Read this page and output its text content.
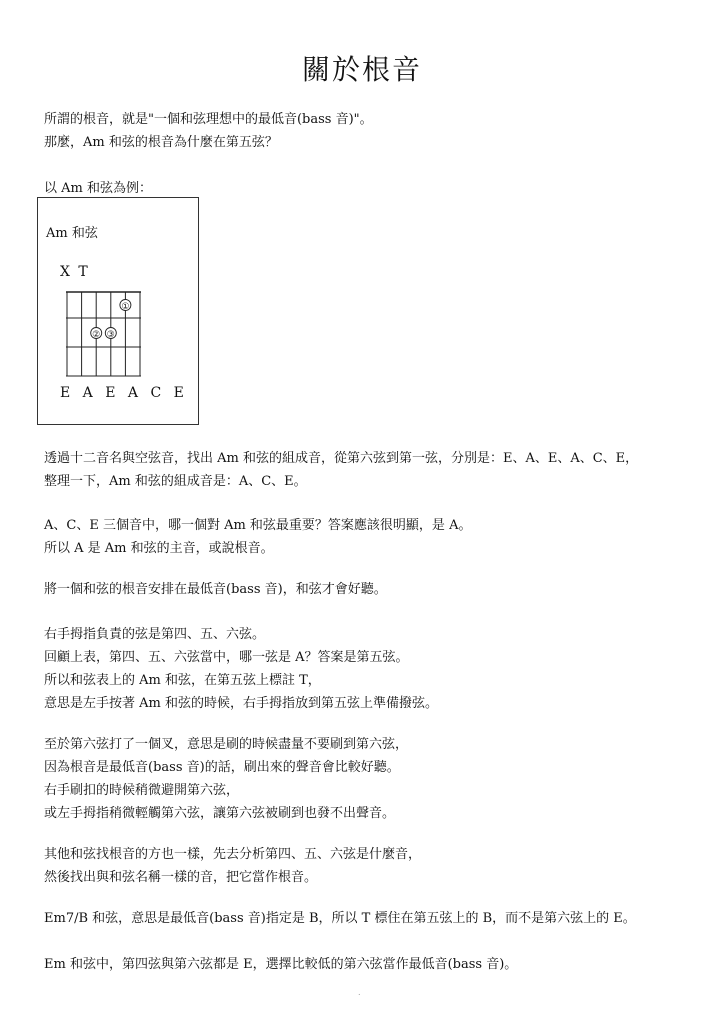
關於根音
所謂的根音，就是"一個和弦理想中的最低音(bass 音)"。
那麼，Am 和弦的根音為什麼在第五弦？
以 Am 和弦為例：
Am 和弦
X T
①
② ③
E A E A C E
透過十二音名與空弦音，找出 Am 和弦的組成音，從第六弦到第一弦，分別是：E、A、E、A、C、E，
整理一下，Am 和弦的組成音是：A、C、E。
A、C、E 三個音中，哪一個對 Am 和弦最重要？答案應該很明顯，是 A。
所以 A 是 Am 和弦的主音，或說根音。
將一個和弦的根音安排在最低音(bass 音)，和弦才會好聽。
右手拇指負責的弦是第四、五、六弦。
回顧上表，第四、五、六弦當中，哪一弦是 A？答案是第五弦。
所以和弦表上的 Am 和弦，在第五弦上標註 T，
意思是左手按著 Am 和弦的時候，右手拇指放到第五弦上準備撥弦。
至於第六弦打了一個叉，意思是刷的時候盡量不要刷到第六弦，
因為根音是最低音(bass 音)的話，刷出來的聲音會比較好聽。
右手刷扣的時候稍微避開第六弦，
或左手拇指稍微輕觸第六弦，讓第六弦被刷到也發不出聲音。
其他和弦找根音的方也一樣，先去分析第四、五、六弦是什麼音，
然後找出與和弦名稱一樣的音，把它當作根音。
Em7/B 和弦，意思是最低音(bass 音)指定是 B，所以 T 標住在第五弦上的 B，而不是第六弦上的 E。
Em 和弦中，第四弦與第六弦都是 E，選擇比較低的第六弦當作最低音(bass 音)。
.
